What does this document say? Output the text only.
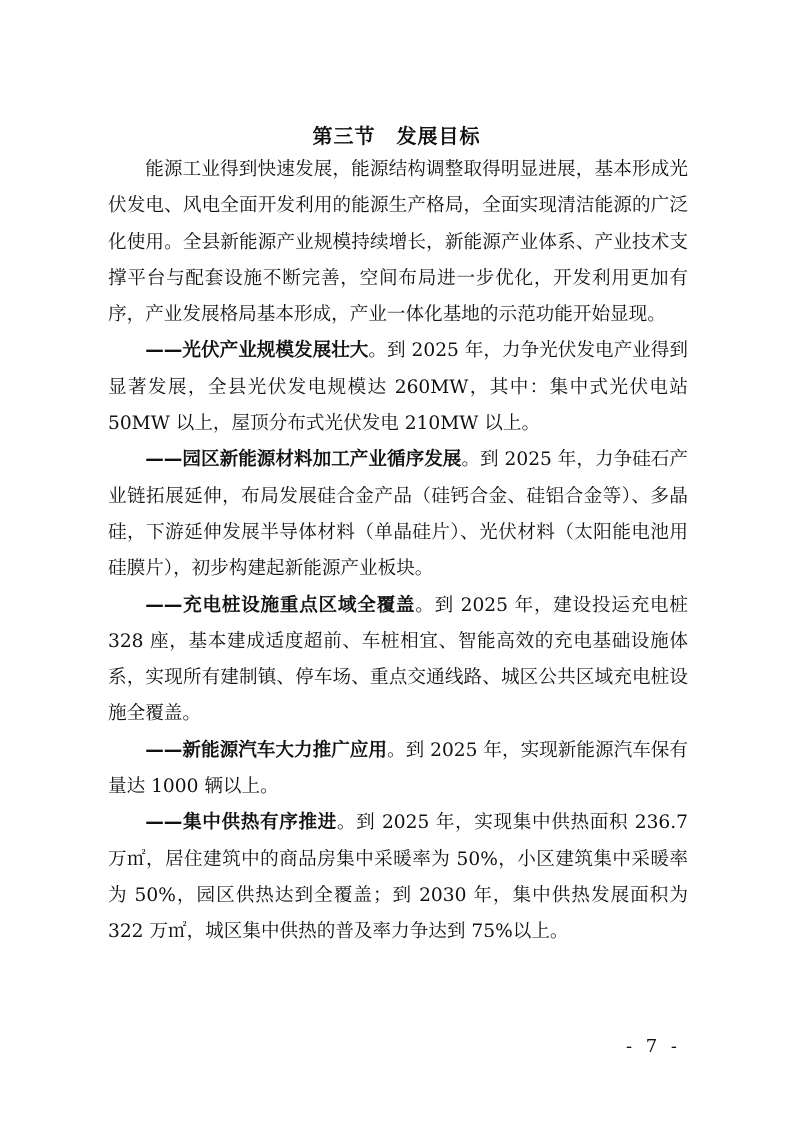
第三节　发展目标

能源工业得到快速发展，能源结构调整取得明显进展，基本形成光伏发电、风电全面开发利用的能源生产格局，全面实现清洁能源的广泛化使用。全县新能源产业规模持续增长，新能源产业体系、产业技术支撑平台与配套设施不断完善，空间布局进一步优化，开发利用更加有序，产业发展格局基本形成，产业一体化基地的示范功能开始显现。

——光伏产业规模发展壮大。到 2025 年，力争光伏发电产业得到显著发展，全县光伏发电规模达 260MW，其中：集中式光伏电站 50MW 以上，屋顶分布式光伏发电 210MW 以上。

——园区新能源材料加工产业循序发展。到 2025 年，力争硅石产业链拓展延伸，布局发展硅合金产品（硅钙合金、硅铝合金等）、多晶硅，下游延伸发展半导体材料（单晶硅片）、光伏材料（太阳能电池用硅膜片），初步构建起新能源产业板块。

——充电桩设施重点区域全覆盖。到 2025 年，建设投运充电桩 328 座，基本建成适度超前、车桩相宜、智能高效的充电基础设施体系，实现所有建制镇、停车场、重点交通线路、城区公共区域充电桩设施全覆盖。

——新能源汽车大力推广应用。到 2025 年，实现新能源汽车保有量达 1000 辆以上。

——集中供热有序推进。到 2025 年，实现集中供热面积 236.7 万㎡，居住建筑中的商品房集中采暖率为 50%，小区建筑集中采暖率为 50%，园区供热达到全覆盖；到 2030 年，集中供热发展面积为 322 万㎡，城区集中供热的普及率力争达到 75%以上。

- 7 -
